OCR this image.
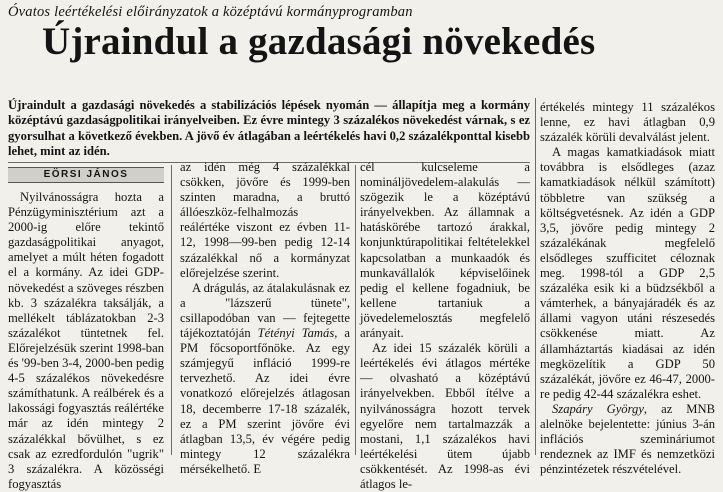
Óvatos leértékelési előirányzatok a középtávú kormányprogramban
Újraindul a gazdasági növekedés
Újraindult a gazdasági növekedés a stabilizációs lépések nyomán — állapítja meg a kormány középtávú gazdaságpolitikai irányelveiben. Ez évre mintegy 3 százalékos növekedést várnak, s ez gyorsulhat a következő években. A jövő év átlagában a leértékelés havi 0,2 százalékponttal kisebb lehet, mint az idén.
EÖRSI JÁNOS

Nyilvánosságra hozta a Pénzügyminisztérium azt a 2000-ig előre tekintő gazdaságpolitikai anyagot, amelyet a múlt héten fogadott el a kormány. Az idei GDP-növekedést a szöveges részben kb. 3 százalékra taksálják, a mellékelt táblázatokban 2-3 százalékot tüntetnek fel. Előrejelzésük szerint 1998-ban és '99-ben 3-4, 2000-ben pedig 4-5 százalékos növekedésre számíthatunk. A reálbérek és a lakossági fogyasztás reálértéke már az idén mintegy 2 százalékkal bővülhet, s ez csak az ezredfordulón "ugrik" 3 százalékra. A közösségi fogyasztás

az idén még 4 százalékkal csökken, jövőre és 1999-ben szinten maradna, a bruttó állóeszköz-felhalmozás reálértéke viszont ez évben 11-12, 1998—99-ben pedig 12-14 százalékkal nő a kormányzat előrejelzése szerint.

A drágulás, az átalakulásnak ez a "lázszerű tünete", csillapodóban van — fejtegette tájékoztatóján Tétényi Tamás, a PM főcsoportfőnöke. Az egy számjegyű infláció 1999-re tervezhető. Az idei évre vonatkozó előrejelzés átlagosan 18, decemberre 17-18 százalék, ez a PM szerint jövőre évi átlagban 13,5, év végére pedig mintegy 12 százalékra mérsékelhető. E

cél kulcseleme a nomináljövedelem-alakulás — szögezik le a középtávú irányelvekben. Az államnak a hatáskörébe tartozó árakkal, konjunktúrapolitikai feltételekkel kapcsolatban a munkaadók és munkavállalók képviselőinek pedig el kellene fogadniuk, be kellene tartaniuk a jövedelemelosztás megfelelő arányait.

Az idei 15 százalék körüli a leértékelés évi átlagos mértéke — olvasható a középtávú irányelvekben. Ebből ítélve a nyilvánosságra hozott tervek egyelőre nem tartalmazzák a mostani, 1,1 százalékos havi leértékelési ütem újabb csökkentését. Az 1998-as évi átlagos le-

értékelés mintegy 11 százalékos lenne, ez havi átlagban 0,9 százalék körüli devalválást jelent.

A magas kamatkiadások miatt továbbra is elsődleges (azaz kamatkiadások nélkül számított) többletre van szükség a költségvetésnek. Az idén a GDP 3,5, jövőre pedig mintegy 2 százalékának megfelelő elsődleges szufficitet céloznak meg. 1998-tól a GDP 2,5 százaléka esik ki a büdzsékből a vámterhek, a bányajáradék és az állami vagyon utáni részesedés csökkenése miatt. Az államháztartás kiadásai az idén megközelítik a GDP 50 százalékát, jövőre ez 46-47, 2000-re pedig 42-44 százalékra eshet.

Szapáry György, az MNB alelnöke bejelentette: június 3-án inflációs szemináriumot rendeznek az IMF és nemzetközi pénzintézetek részvételével.
